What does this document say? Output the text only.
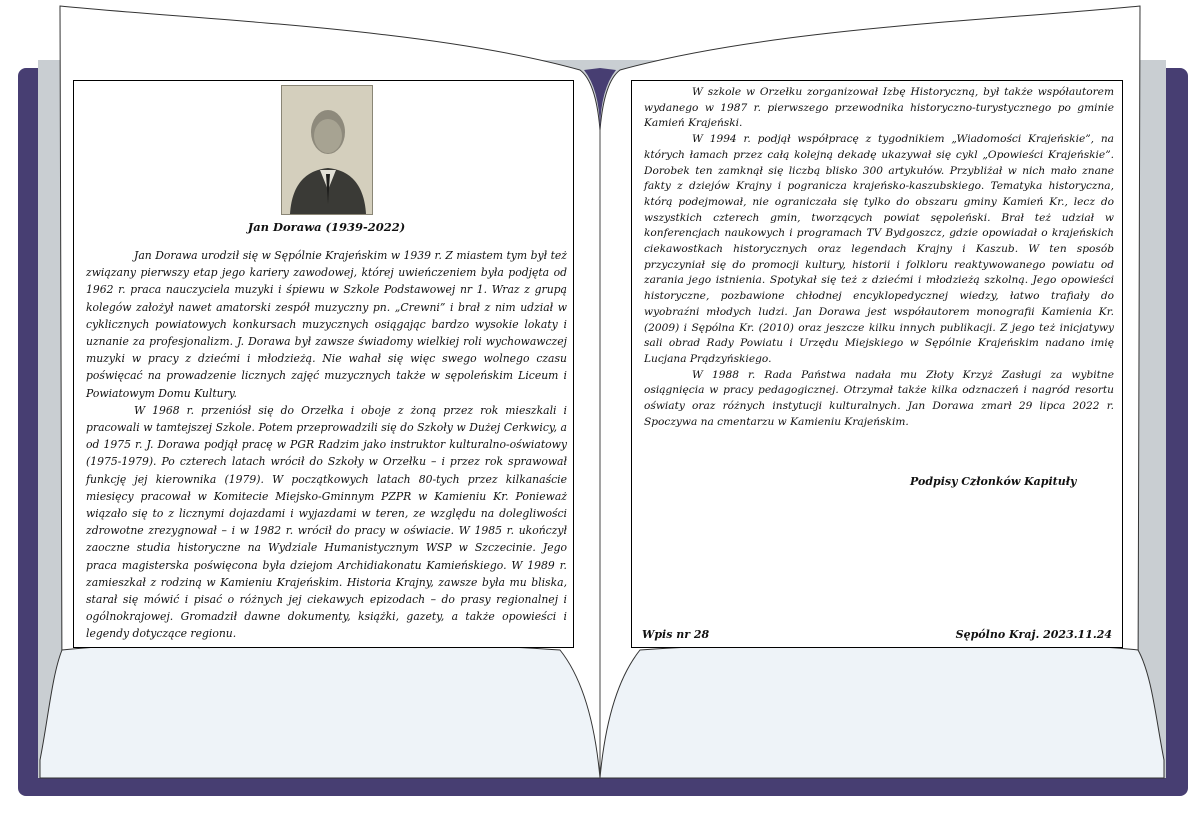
Jan Dorawa (1939-2022)

Jan Dorawa urodził się w Sępólnie Krajeńskim w 1939 r. Z miastem tym był też związany pierwszy etap jego kariery zawodowej, której uwieńczeniem była podjęta od 1962 r. praca nauczyciela muzyki i śpiewu w Szkole Podstawowej nr 1. Wraz z grupą kolegów założył nawet amatorski zespół muzyczny pn. „Crewni” i brał z nim udział w cyklicznych powiatowych konkursach muzycznych osiągając bardzo wysokie lokaty i uznanie za profesjonalizm. J. Dorawa był zawsze świadomy wielkiej roli wychowawczej muzyki w pracy z dziećmi i młodzieżą. Nie wahał się więc swego wolnego czasu poświęcać na prowadzenie licznych zajęć muzycznych także w sępoleńskim Liceum i Powiatowym Domu Kultury.

W 1968 r. przeniósł się do Orzełka i oboje z żoną przez rok mieszkali i pracowali w tamtejszej Szkole. Potem przeprowadzili się do Szkoły w Dużej Cerkwicy, a od 1975 r. J. Dorawa podjął pracę w PGR Radzim jako instruktor kulturalno-oświatowy (1975-1979). Po czterech latach wrócił do Szkoły w Orzełku – i przez rok sprawował funkcję jej kierownika (1979). W początkowych latach 80-tych przez kilkanaście miesięcy pracował w Komitecie Miejsko-Gminnym PZPR w Kamieniu Kr. Ponieważ wiązało się to z licznymi dojazdami i wyjazdami w teren, ze względu na dolegliwości zdrowotne zrezygnował – i w 1982 r. wrócił do pracy w oświacie. W 1985 r. ukończył zaoczne studia historyczne na Wydziale Humanistycznym WSP w Szczecinie. Jego praca magisterska poświęcona była dziejom Archidiakonatu Kamieńskiego. W 1989 r. zamieszkał z rodziną w Kamieniu Krajeńskim. Historia Krajny, zawsze była mu bliska, starał się mówić i pisać o różnych jej ciekawych epizodach – do prasy regionalnej i ogólnokrajowej. Gromadził dawne dokumenty, książki, gazety, a także opowieści i legendy dotyczące regionu.

W szkole w Orzełku zorganizował Izbę Historyczną, był także współautorem wydanego w 1987 r. pierwszego przewodnika historyczno-turystycznego po gminie Kamień Krajeński.

W 1994 r. podjął współpracę z tygodnikiem „Wiadomości Krajeńskie”, na których łamach przez całą kolejną dekadę ukazywał się cykl „Opowieści Krajeńskie”. Dorobek ten zamknął się liczbą blisko 300 artykułów. Przybliżał w nich mało znane fakty z dziejów Krajny i pogranicza krajeńsko-kaszubskiego. Tematyka historyczna, którą podejmował, nie ograniczała się tylko do obszaru gminy Kamień Kr., lecz do wszystkich czterech gmin, tworzących powiat sępoleński. Brał też udział w konferencjach naukowych i programach TV Bydgoszcz, gdzie opowiadał o krajeńskich ciekawostkach historycznych oraz legendach Krajny i Kaszub. W ten sposób przyczyniał się do promocji kultury, historii i folkloru reaktywowanego powiatu od zarania jego istnienia. Spotykał się też z dziećmi i młodzieżą szkolną. Jego opowieści historyczne, pozbawione chłodnej encyklopedycznej wiedzy, łatwo trafiały do wyobraźni młodych ludzi. Jan Dorawa jest współautorem monografii Kamienia Kr. (2009) i Sępólna Kr. (2010) oraz jeszcze kilku innych publikacji. Z jego też inicjatywy sali obrad Rady Powiatu i Urzędu Miejskiego w Sępólnie Krajeńskim nadano imię Lucjana Prądzyńskiego.

W 1988 r. Rada Państwa nadała mu Złoty Krzyż Zasługi za wybitne osiągnięcia w pracy pedagogicznej. Otrzymał także kilka odznaczeń i nagród resortu oświaty oraz różnych instytucji kulturalnych. Jan Dorawa zmarł 29 lipca 2022 r. Spoczywa na cmentarzu w Kamieniu Krajeńskim.

Podpisy Członków Kapituły
Wpis nr 28	Sępólno Kraj. 2023.11.24
